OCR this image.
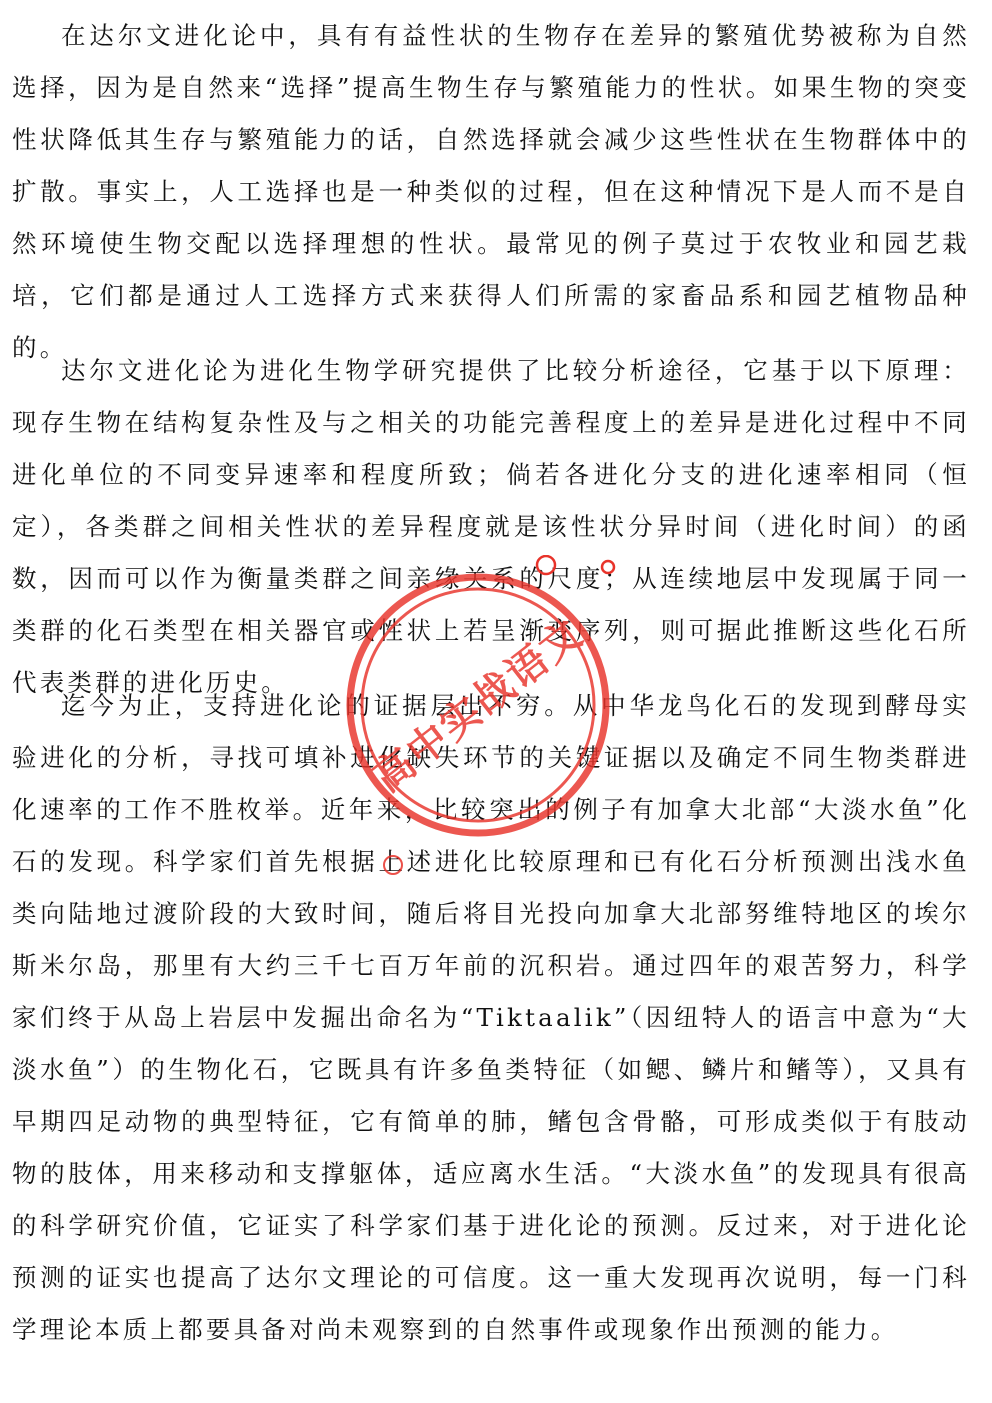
在达尔文进化论中，具有有益性状的生物存在差异的繁殖优势被称为自然选择，因为是自然来“选择”提高生物生存与繁殖能力的性状。如果生物的突变性状降低其生存与繁殖能力的话，自然选择就会减少这些性状在生物群体中的扩散。事实上，人工选择也是一种类似的过程，但在这种情况下是人而不是自然环境使生物交配以选择理想的性状。最常见的例子莫过于农牧业和园艺栽培，它们都是通过人工选择方式来获得人们所需的家畜品系和园艺植物品种的。

达尔文进化论为进化生物学研究提供了比较分析途径，它基于以下原理：现存生物在结构复杂性及与之相关的功能完善程度上的差异是进化过程中不同进化单位的不同变异速率和程度所致；倘若各进化分支的进化速率相同（恒定），各类群之间相关性状的差异程度就是该性状分异时间（进化时间）的函数，因而可以作为衡量类群之间亲缘关系的尺度；从连续地层中发现属于同一类群的化石类型在相关器官或性状上若呈渐变序列，则可据此推断这些化石所代表类群的进化历史。

迄今为止，支持进化论的证据层出不穷。从中华龙鸟化石的发现到酵母实验进化的分析，寻找可填补进化缺失环节的关键证据以及确定不同生物类群进化速率的工作不胜枚举。近年来，比较突出的例子有加拿大北部“大淡水鱼”化石的发现。科学家们首先根据上述进化比较原理和已有化石分析预测出浅水鱼类向陆地过渡阶段的大致时间，随后将目光投向加拿大北部努维特地区的埃尔斯米尔岛，那里有大约三千七百万年前的沉积岩。通过四年的艰苦努力，科学家们终于从岛上岩层中发掘出命名为“Tiktaalik”（因纽特人的语言中意为“大淡水鱼”）的生物化石，它既具有许多鱼类特征（如鳃、鳞片和鳍等），又具有早期四足动物的典型特征，它有简单的肺，鳍包含骨骼，可形成类似于有肢动物的肢体，用来移动和支撑躯体，适应离水生活。“大淡水鱼”的发现具有很高的科学研究价值，它证实了科学家们基于进化论的预测。反过来，对于进化论预测的证实也提高了达尔文理论的可信度。这一重大发现再次说明，每一门科学理论本质上都要具备对尚未观察到的自然事件或现象作出预测的能力。

高中实战语文
